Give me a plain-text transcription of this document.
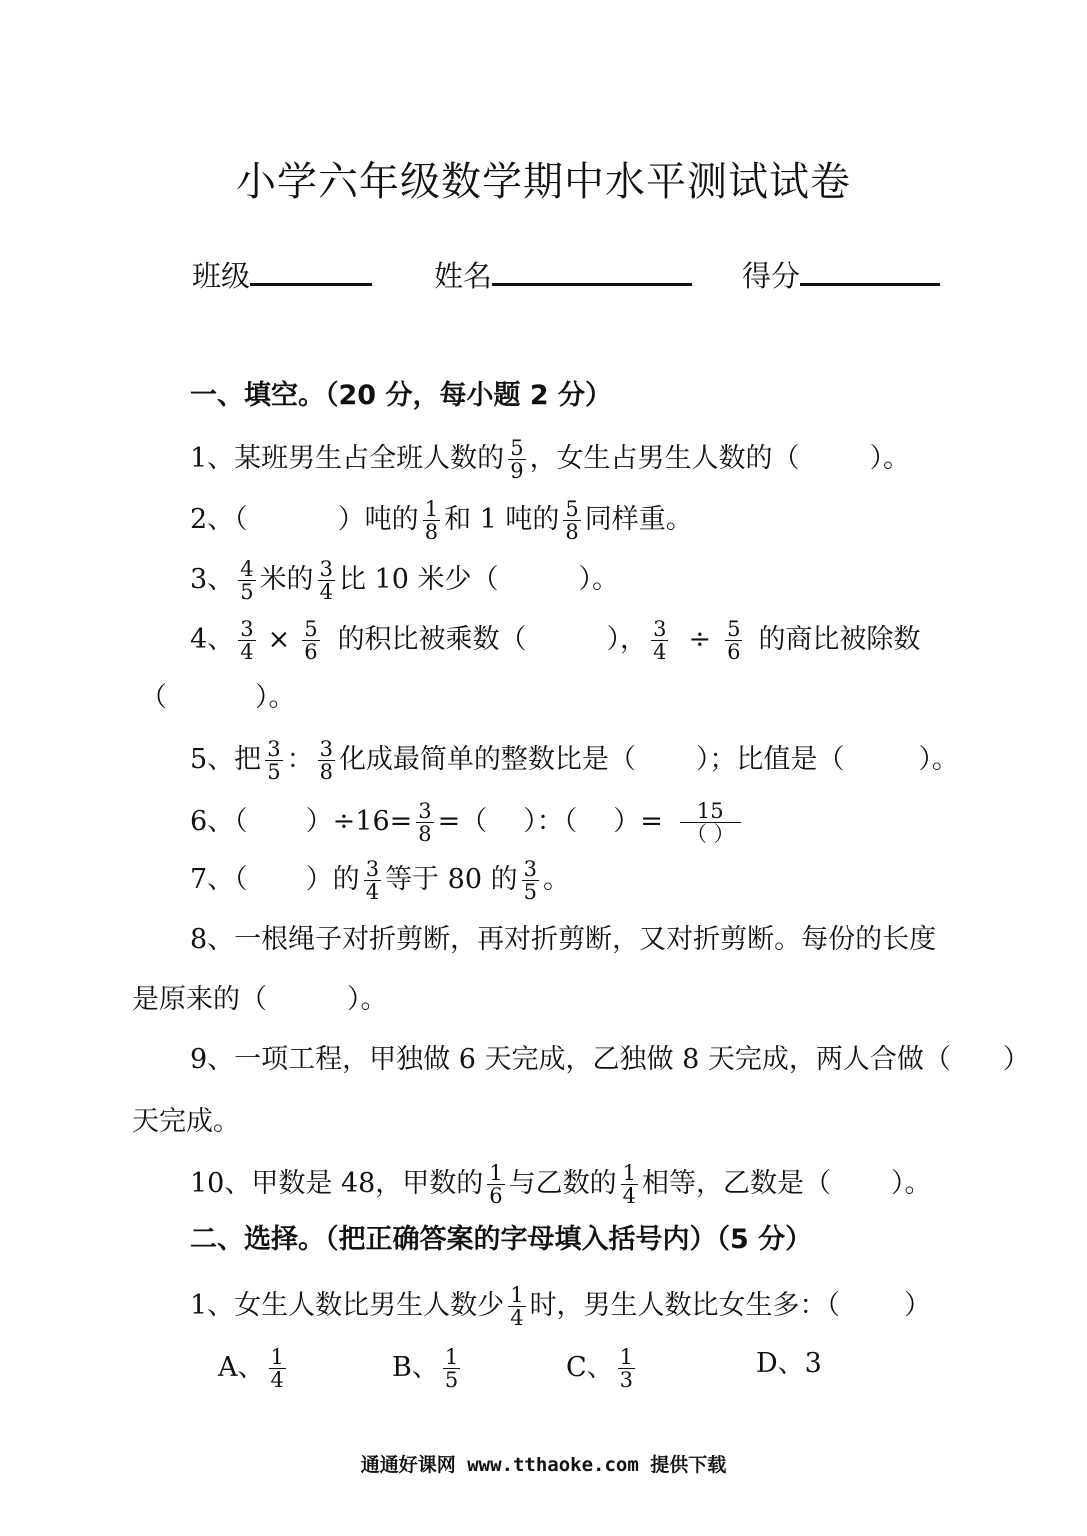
小学六年级数学期中水平测试试卷
班级	姓名	得分
一、填空。（20 分，每小题 2 分）
1、某班男生占全班人数的 $\frac{5}{9}$ ，女生占男生人数的（	）。
2、（	）吨的 $\frac{1}{8}$ 和 1 吨的 $\frac{5}{8}$ 同样重。
3、 $\frac{4}{5}$ 米的 $\frac{3}{4}$ 比 10 米少（	）。
4、 $\frac{3}{4} \times \frac{5}{6}$ 的积比被乘数（	）， $\frac{3}{4} \div \frac{5}{6}$ 的商比被除数
（	）。
5、把 $\frac{3}{5}$ ： $\frac{3}{8}$ 化成最简单的整数比是（ ）；比值是（	）。
6、（ ）$\div 16= \frac{3}{8}$ =（ ）：（ ）= $\frac{15}{( )}$
7、（ ）的 $\frac{3}{4}$ 等于 80 的 $\frac{3}{5}$ 。
8、一根绳子对折剪断，再对折剪断，又对折剪断。每份的长度
是原来的（	）。
9、一项工程，甲独做 6 天完成，乙独做 8 天完成，两人合做（ ）
天完成。
10、甲数是 48，甲数的 $\frac{1}{6}$ 与乙数的 $\frac{1}{4}$ 相等，乙数是（ ）。
二、选择。（把正确答案的字母填入括号内）（5 分）
1、女生人数比男生人数少 $\frac{1}{4}$ 时，男生人数比女生多：（ ）
A、 $\frac{1}{4}$	B、 $\frac{1}{5}$	C、 $\frac{1}{3}$	D、3
通通好课网 www.tthaoke.com 提供下载
